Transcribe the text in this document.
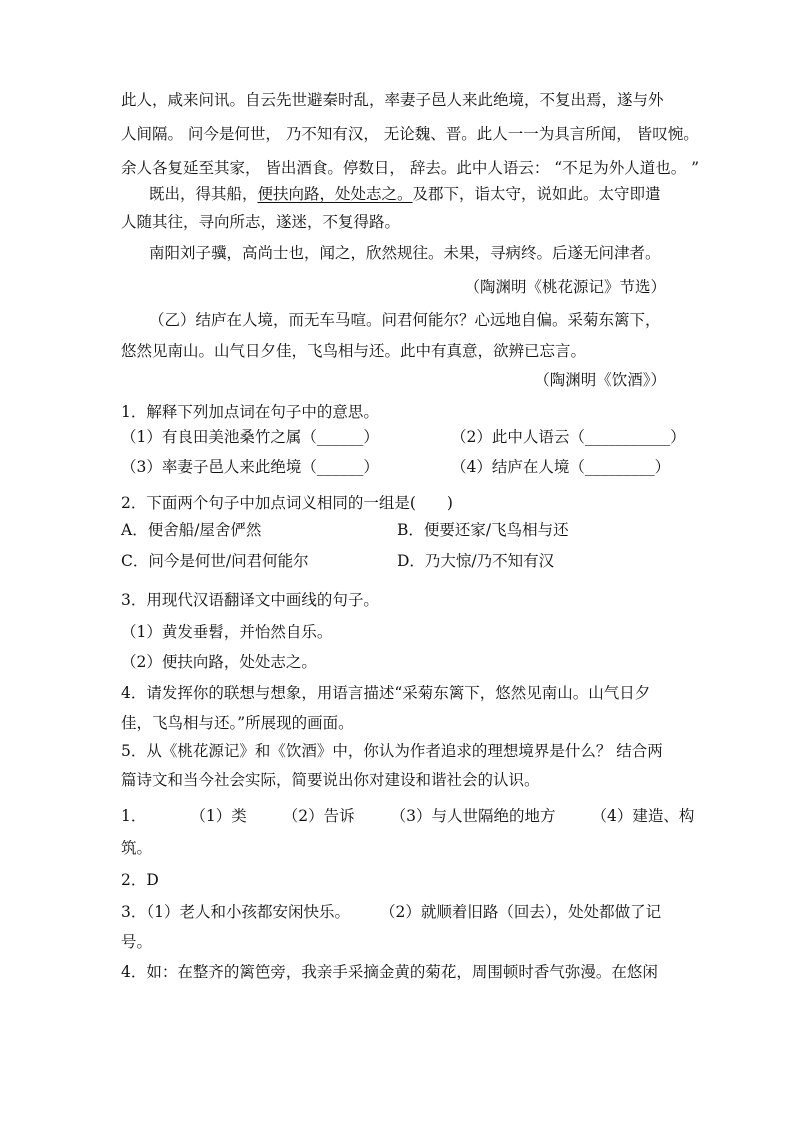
此人，咸来问讯。自云先世避秦时乱，率妻子邑人来此绝境，不复出焉，遂与外
人间隔。 问今是何世， 乃不知有汉， 无论魏、晋。此人一一为具言所闻， 皆叹惋。
余人各复延至其家， 皆出酒食。停数日， 辞去。此中人语云： “不足为外人道也。 ”
既出，得其船，便扶向路，处处志之。及郡下，诣太守，说如此。太守即遣
人随其往，寻向所志，遂迷，不复得路。
南阳刘子骥，高尚士也，闻之，欣然规往。未果，寻病终。后遂无问津者。
（陶渊明《桃花源记》节选）
（乙）结庐在人境，而无车马喧。问君何能尔？心远地自偏。采菊东篱下，
悠然见南山。山气日夕佳，飞鸟相与还。此中有真意，欲辨已忘言。
（陶渊明《饮酒》）
1．解释下列加点词在句子中的意思。
（1）有良田美池桑竹之属（______）	（2）此中人语云（___________）
（3）率妻子邑人来此绝境（______）	（4）结庐在人境（_________）
2．下面两个句子中加点词义相同的一组是(　　)
A．便舍船/屋舍俨然	B．便要还家/飞鸟相与还
C．问今是何世/问君何能尔	D．乃大惊/乃不知有汉
3．用现代汉语翻译文中画线的句子。
（1）黄发垂髫，并怡然自乐。
（2）便扶向路，处处志之。
4．请发挥你的联想与想象，用语言描述“采菊东篱下，悠然见南山。山气日夕
佳，飞鸟相与还。”所展现的画面。
5．从《桃花源记》和《饮酒》中，你认为作者追求的理想境界是什么？ 结合两
篇诗文和当今社会实际，简要说出你对建设和谐社会的认识。
1．	（1）类 （2）告诉 （3）与人世隔绝的地方 （4）建造、构
筑。
2．D
3．（1）老人和小孩都安闲快乐。 （2）就顺着旧路（回去），处处都做了记
号。
4．如：在整齐的篱笆旁，我亲手采摘金黄的菊花，周围顿时香气弥漫。在悠闲
